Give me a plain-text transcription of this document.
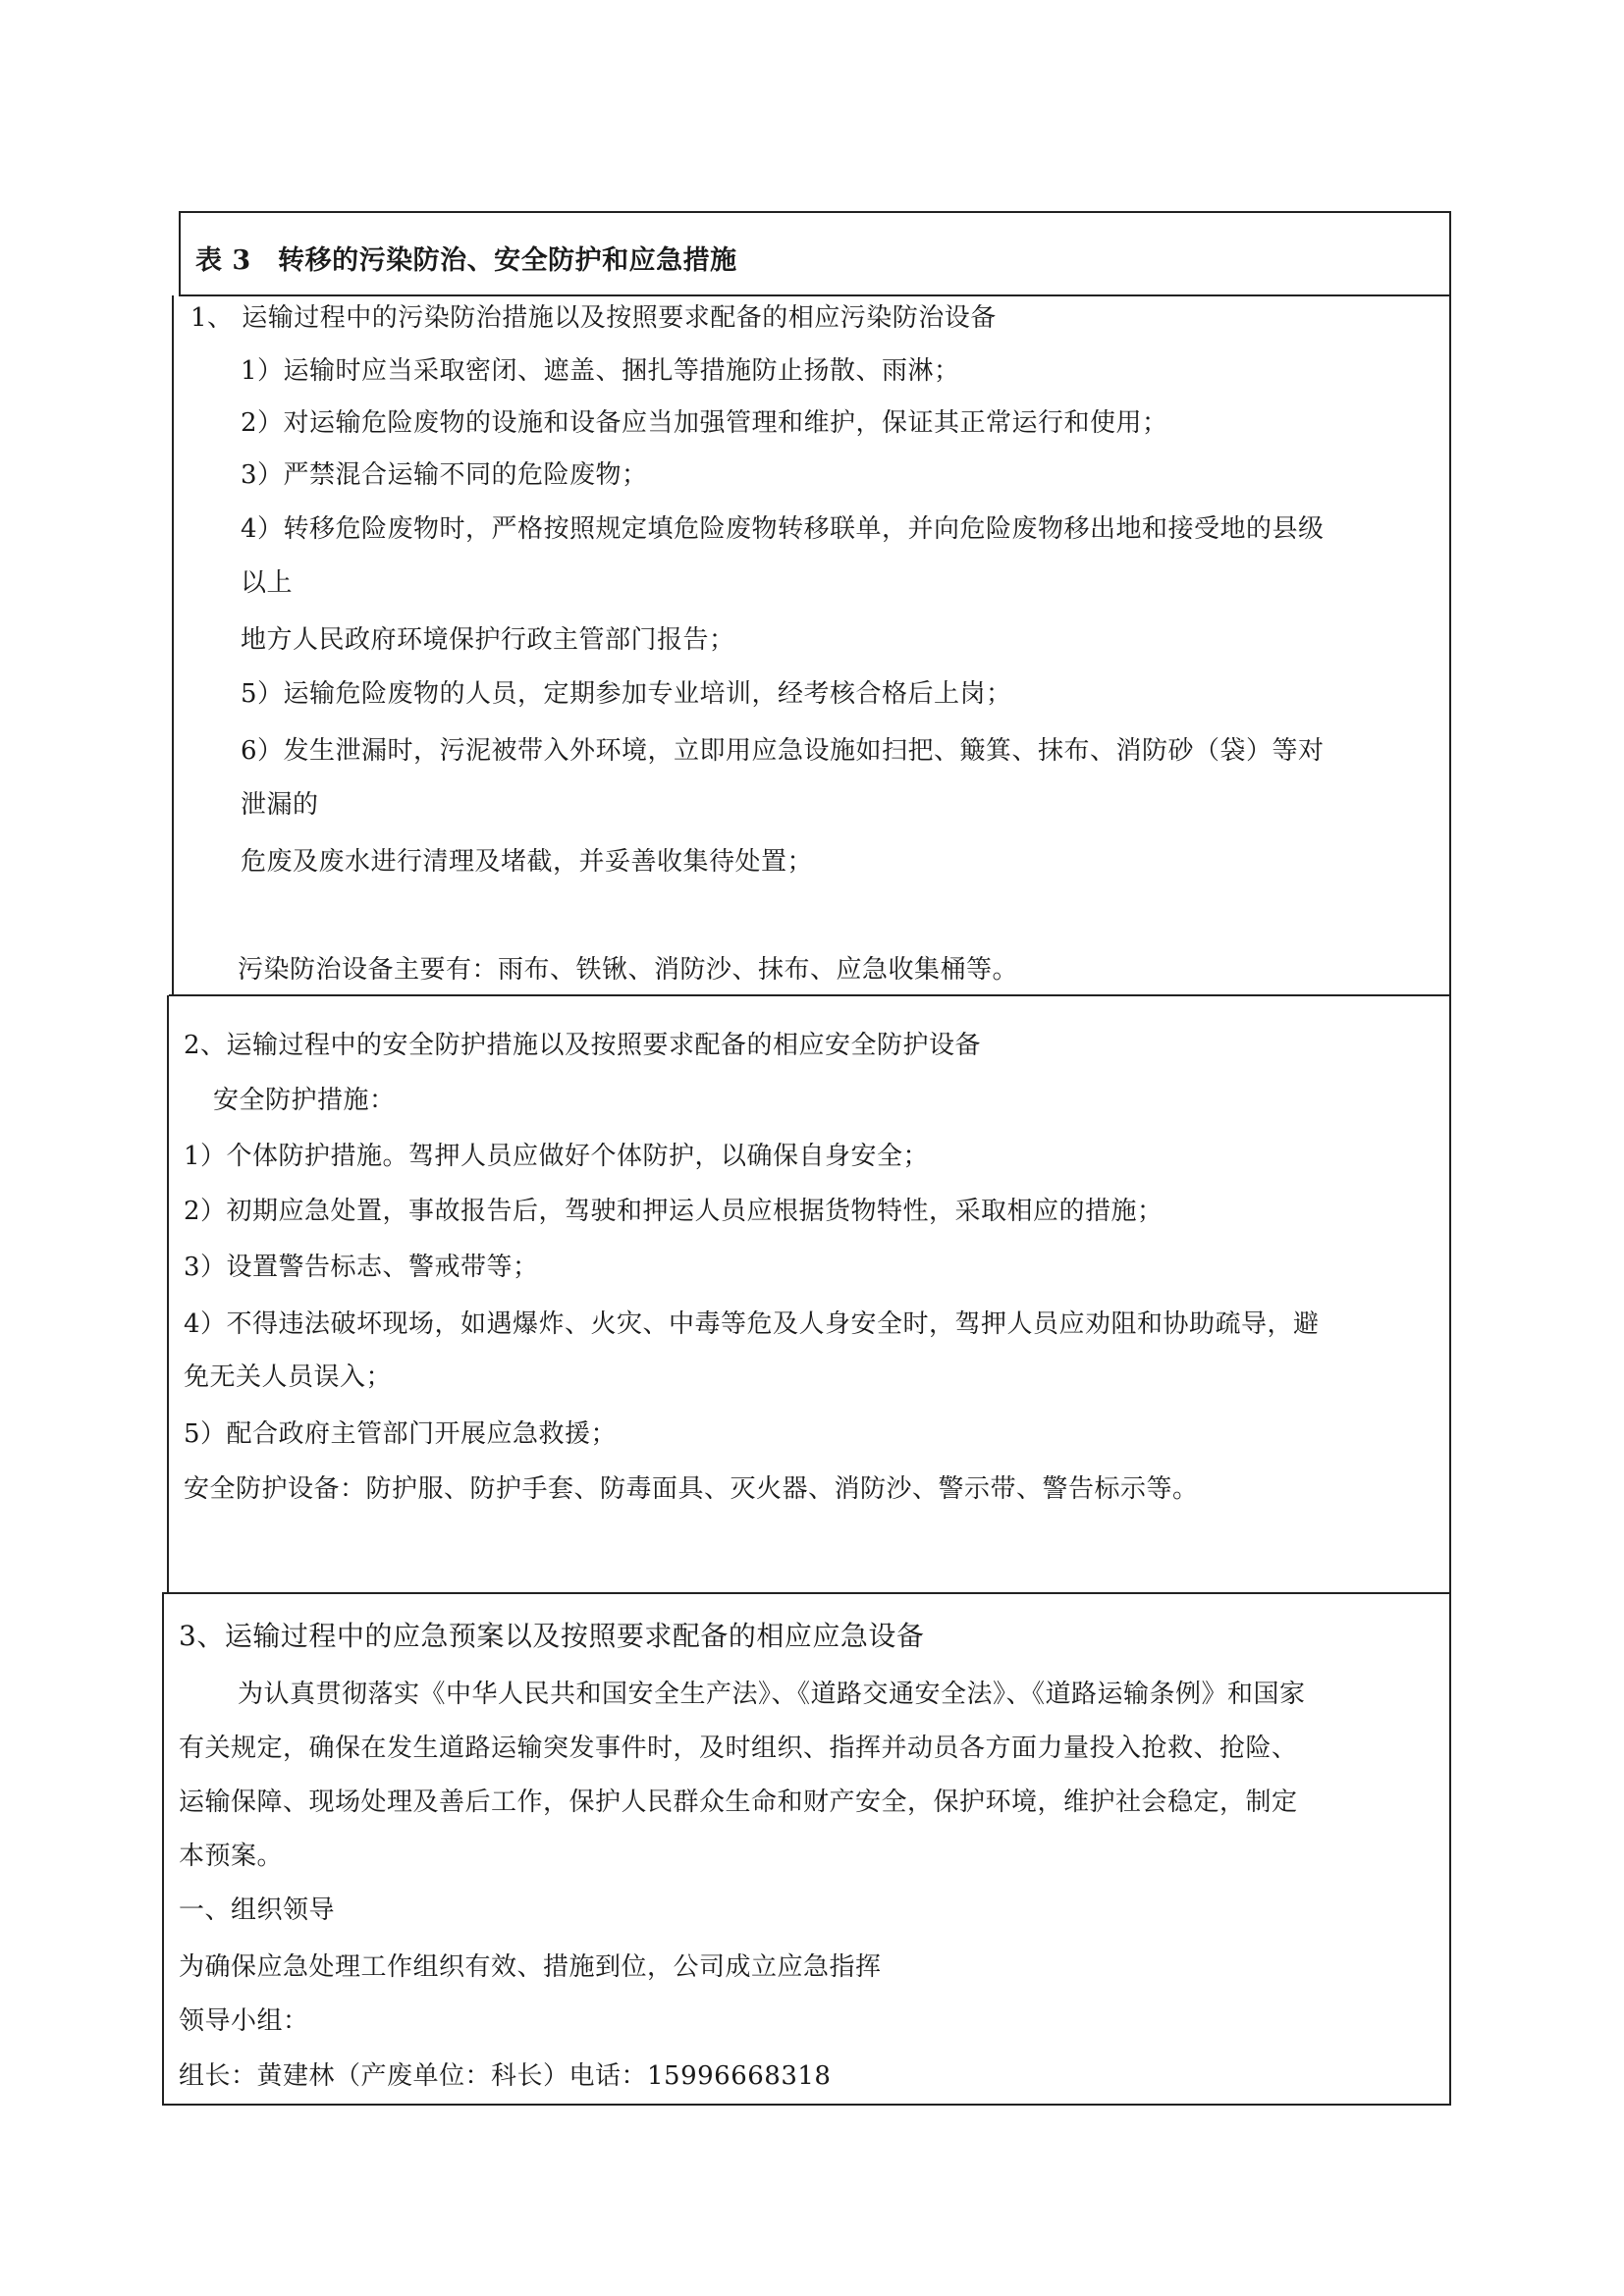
表 3　转移的污染防治、安全防护和应急措施
1、 运输过程中的污染防治措施以及按照要求配备的相应污染防治设备
1）运输时应当采取密闭、遮盖、捆扎等措施防止扬散、雨淋；
2）对运输危险废物的设施和设备应当加强管理和维护，保证其正常运行和使用；
3）严禁混合运输不同的危险废物；
4）转移危险废物时，严格按照规定填危险废物转移联单，并向危险废物移出地和接受地的县级
以上
地方人民政府环境保护行政主管部门报告；
5）运输危险废物的人员，定期参加专业培训，经考核合格后上岗；
6）发生泄漏时，污泥被带入外环境，立即用应急设施如扫把、簸箕、抹布、消防砂（袋）等对
泄漏的
危废及废水进行清理及堵截，并妥善收集待处置；
污染防治设备主要有：雨布、铁锹、消防沙、抹布、应急收集桶等。
2、运输过程中的安全防护措施以及按照要求配备的相应安全防护设备
安全防护措施：
1）个体防护措施。驾押人员应做好个体防护，以确保自身安全；
2）初期应急处置，事故报告后，驾驶和押运人员应根据货物特性，采取相应的措施；
3）设置警告标志、警戒带等；
4）不得违法破坏现场，如遇爆炸、火灾、中毒等危及人身安全时，驾押人员应劝阻和协助疏导，避
免无关人员误入；
5）配合政府主管部门开展应急救援；
安全防护设备：防护服、防护手套、防毒面具、灭火器、消防沙、警示带、警告标示等。
3、运输过程中的应急预案以及按照要求配备的相应应急设备
为认真贯彻落实《中华人民共和国安全生产法》、《道路交通安全法》、《道路运输条例》和国家
有关规定，确保在发生道路运输突发事件时，及时组织、指挥并动员各方面力量投入抢救、抢险、
运输保障、现场处理及善后工作，保护人民群众生命和财产安全，保护环境，维护社会稳定，制定
本预案。
一、组织领导
为确保应急处理工作组织有效、措施到位，公司成立应急指挥
领导小组：
组长：黄建林（产废单位：科长）电话：15996668318
